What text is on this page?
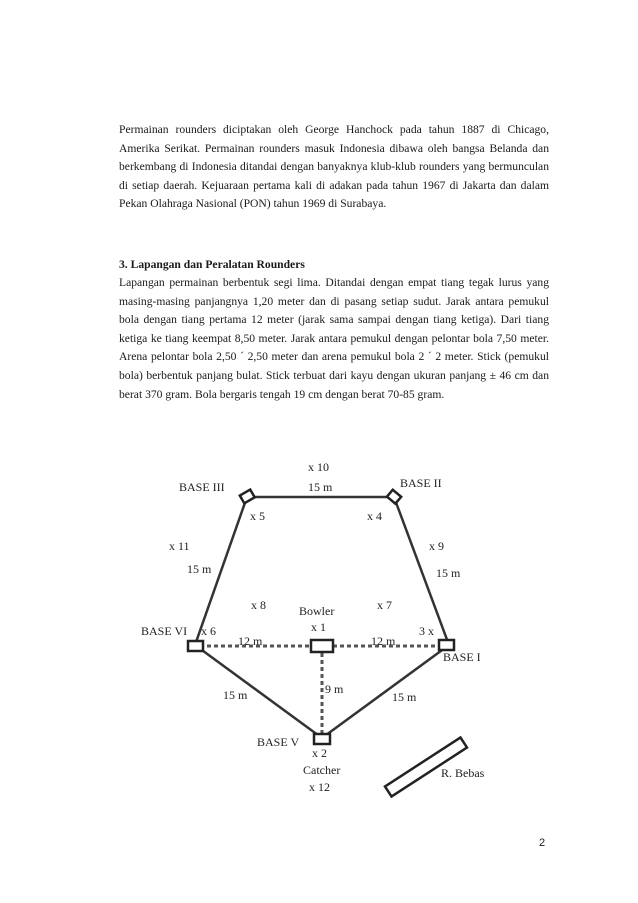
Permainan rounders diciptakan oleh George Hanchock pada tahun 1887 di Chicago, Amerika Serikat. Permainan rounders masuk Indonesia dibawa oleh bangsa Belanda dan berkembang di Indonesia ditandai dengan banyaknya klub-klub rounders yang bermunculan di setiap daerah. Kejuaraan pertama kali di adakan pada tahun 1967 di Jakarta dan dalam Pekan Olahraga Nasional (PON) tahun 1969 di Surabaya.

3. Lapangan dan Peralatan Rounders

Lapangan permainan berbentuk segi lima. Ditandai dengan empat tiang tegak lurus yang masing-masing panjangnya 1,20 meter dan di pasang setiap sudut. Jarak antara pemukul bola dengan tiang pertama 12 meter (jarak sama sampai dengan tiang ketiga). Dari tiang ketiga ke tiang keempat 8,50 meter. Jarak antara pemukul dengan pelontar bola 7,50 meter. Arena pelontar bola 2,50 ´ 2,50 meter dan arena pemukul bola 2 ´ 2 meter. Stick (pemukul bola) berbentuk panjang bulat. Stick terbuat dari kayu dengan ukuran panjang ± 46 cm dan berat 370 gram. Bola bergaris tengah 19 cm dengan berat 70-85 gram.

BASE III	BASE II
BASE VI
BASE I
BASE V
Bowler
Catcher	R. Bebas
x 10
x 5	x 4
x 11	x 9
x 8	x 7
x 6	x 1	3 x
x 2
x 12
15 m
15 m	15 m
12 m	12 m
9 m
15 m	15 m
2
